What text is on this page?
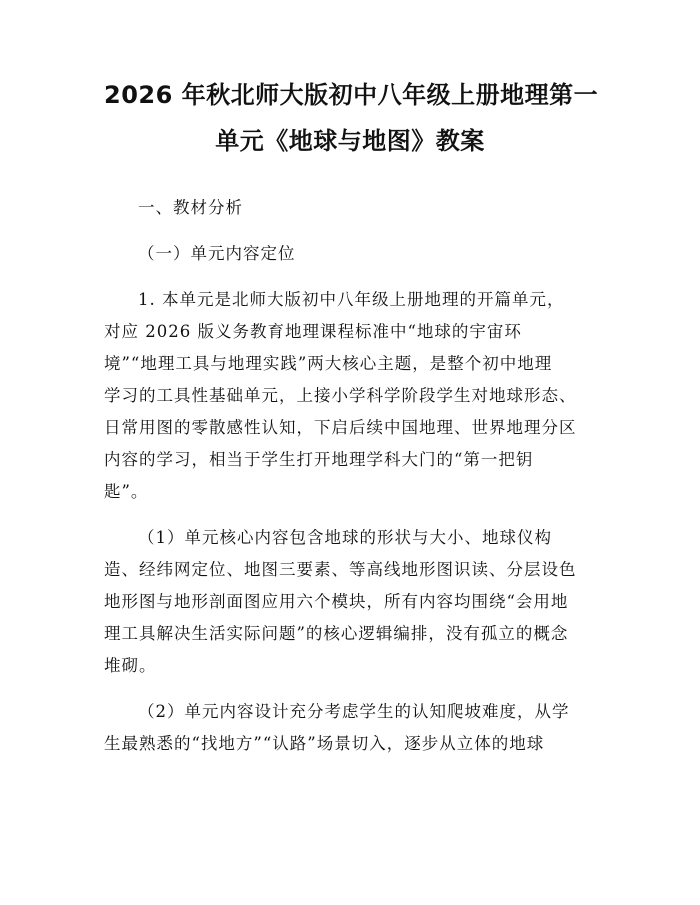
2026 年秋北师大版初中八年级上册地理第一
单元《地球与地图》教案

一、教材分析

（一）单元内容定位

1. 本单元是北师大版初中八年级上册地理的开篇单元，
对应 2026 版义务教育地理课程标准中“地球的宇宙环
境”“地理工具与地理实践”两大核心主题，是整个初中地理
学习的工具性基础单元，上接小学科学阶段学生对地球形态、
日常用图的零散感性认知，下启后续中国地理、世界地理分区
内容的学习，相当于学生打开地理学科大门的“第一把钥
匙”。

（1）单元核心内容包含地球的形状与大小、地球仪构
造、经纬网定位、地图三要素、等高线地形图识读、分层设色
地形图与地形剖面图应用六个模块，所有内容均围绕“会用地
理工具解决生活实际问题”的核心逻辑编排，没有孤立的概念
堆砌。

（2）单元内容设计充分考虑学生的认知爬坡难度，从学
生最熟悉的“找地方”“认路”场景切入，逐步从立体的地球
